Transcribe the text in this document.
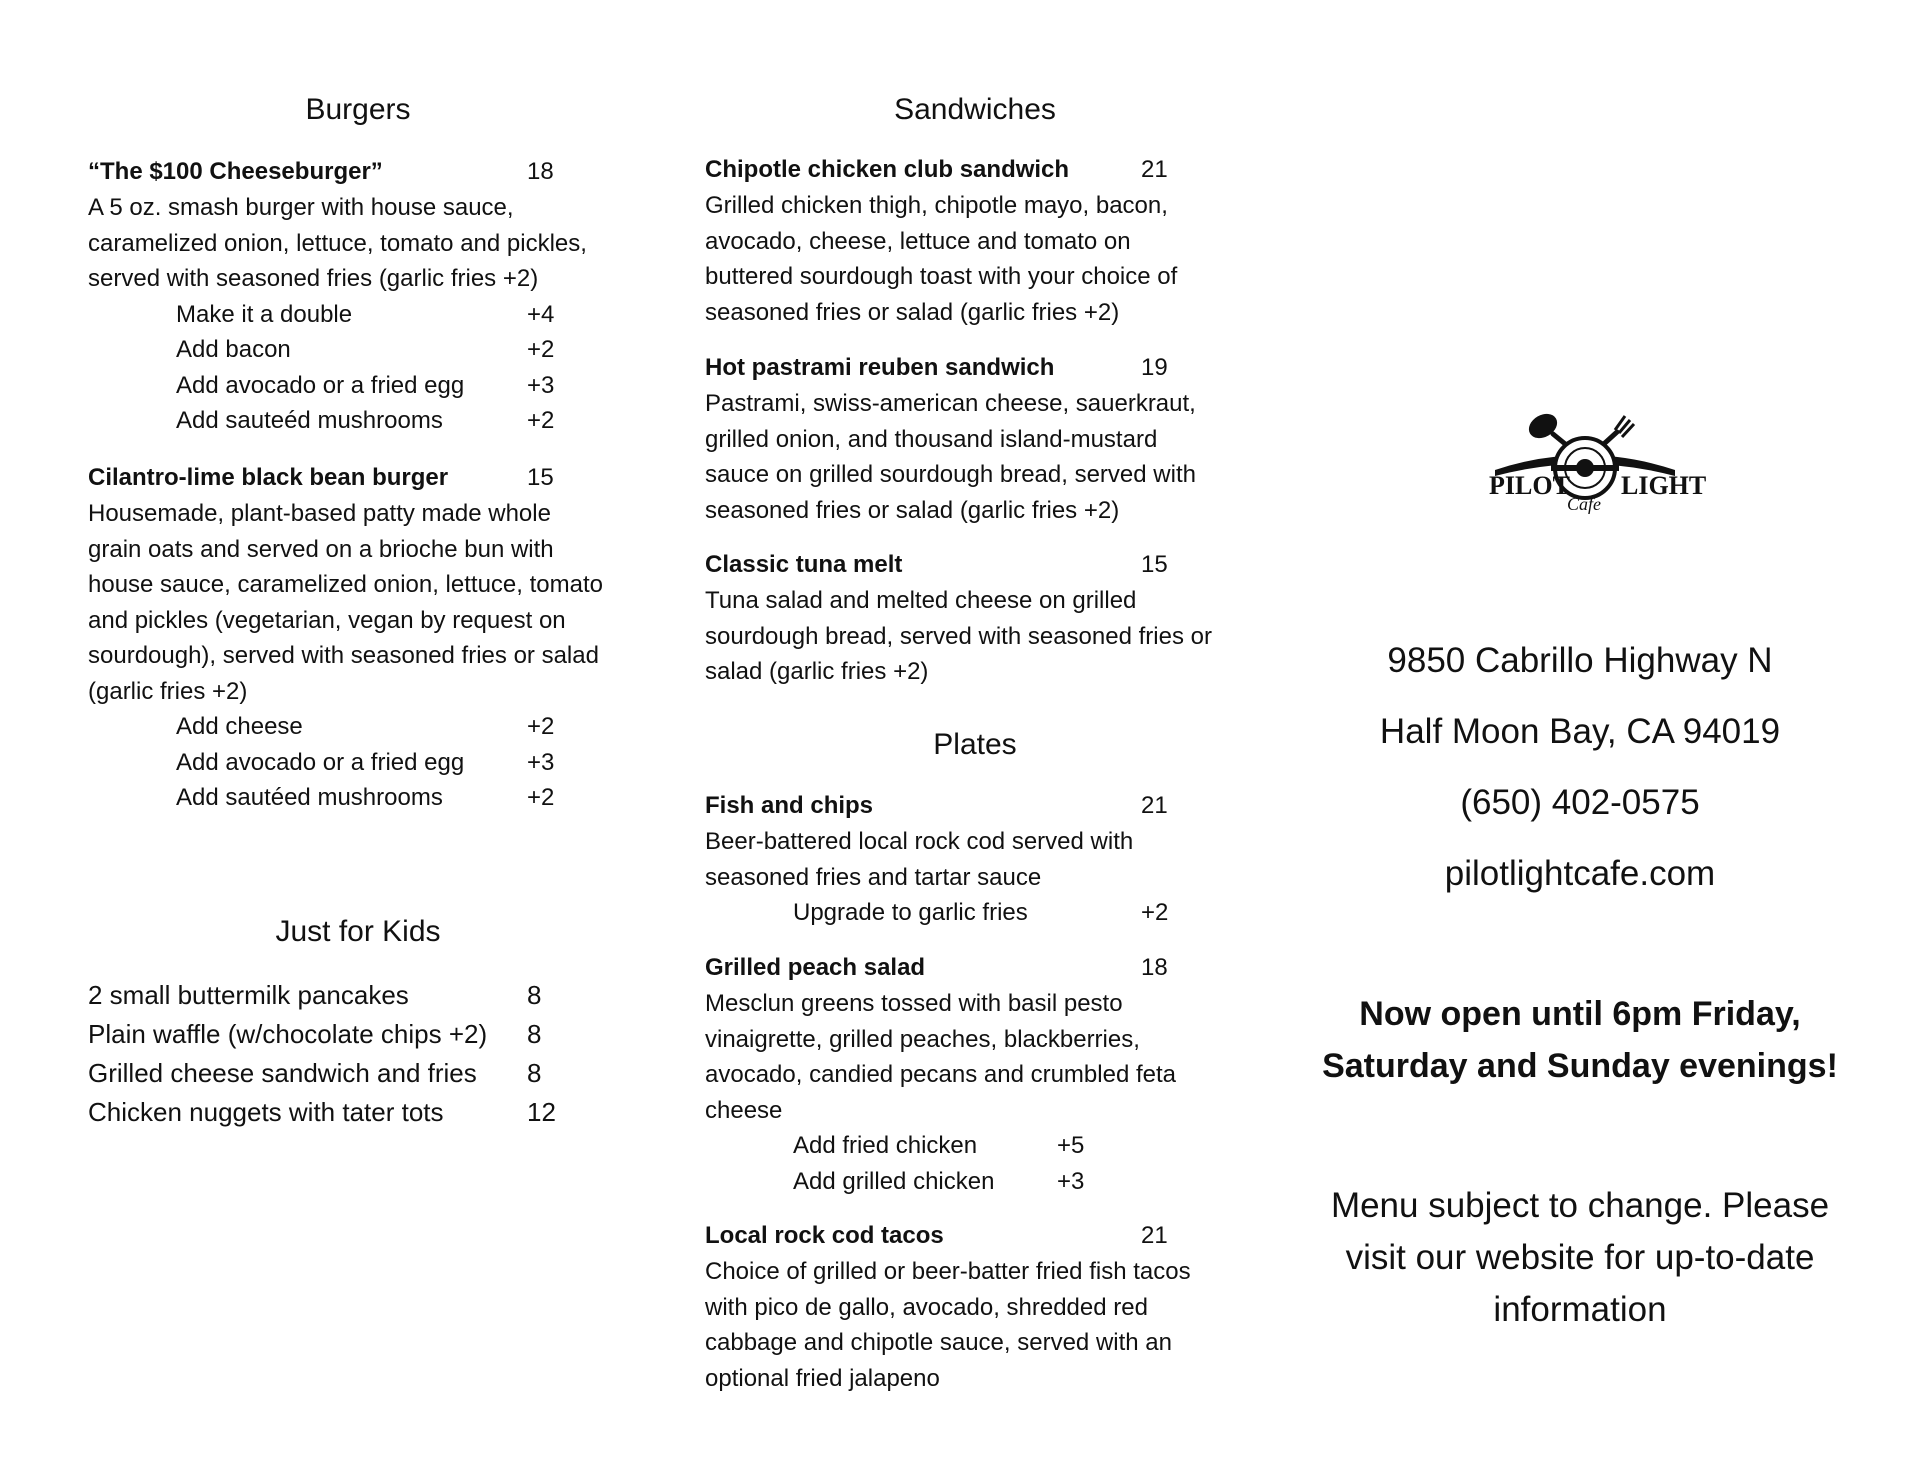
Burgers
“The $100 Cheeseburger”	18
A 5 oz. smash burger with house sauce, caramelized onion, lettuce, tomato and pickles, served with seasoned fries (garlic fries +2)
Make it a double	+4
Add bacon	+2
Add avocado or a fried egg	+3
Add sauteéd mushrooms	+2
Cilantro-lime black bean burger	15
Housemade, plant-based patty made whole grain oats and served on a brioche bun with house sauce, caramelized onion, lettuce, tomato and pickles (vegetarian, vegan by request on sourdough), served with seasoned fries or salad (garlic fries +2)
Add cheese	+2
Add avocado or a fried egg	+3
Add sautéed mushrooms	+2
Just for Kids
2 small buttermilk pancakes	8
Plain waffle (w/chocolate chips +2) 8
Grilled cheese sandwich and fries 8
Chicken nuggets with tater tots	12
Sandwiches
Chipotle chicken club sandwich	21
Grilled chicken thigh, chipotle mayo, bacon, avocado, cheese, lettuce and tomato on buttered sourdough toast with your choice of seasoned fries or salad (garlic fries +2)
Hot pastrami reuben sandwich	19
Pastrami, swiss-american cheese, sauerkraut, grilled onion, and thousand island-mustard sauce on grilled sourdough bread, served with seasoned fries or salad (garlic fries +2)
Classic tuna melt	15
Tuna salad and melted cheese on grilled sourdough bread, served with seasoned fries or salad (garlic fries +2)
Plates
Fish and chips	21
Beer-battered local rock cod served with seasoned fries and tartar sauce
Upgrade to garlic fries	+2
Grilled peach salad	18
Mesclun greens tossed with basil pesto vinaigrette, grilled peaches, blackberries, avocado, candied pecans and crumbled feta cheese
Add fried chicken	+5
Add grilled chicken	+3
Local rock cod tacos	21
Choice of grilled or beer-batter fried fish tacos with pico de gallo, avocado, shredded red cabbage and chipotle sauce, served with an optional fried jalapeno
PILOT LIGHT
Cafe
9850 Cabrillo Highway N
Half Moon Bay, CA 94019
(650) 402-0575
pilotlightcafe.com
Now open until 6pm Friday, Saturday and Sunday evenings!
Menu subject to change. Please visit our website for up-to-date information
